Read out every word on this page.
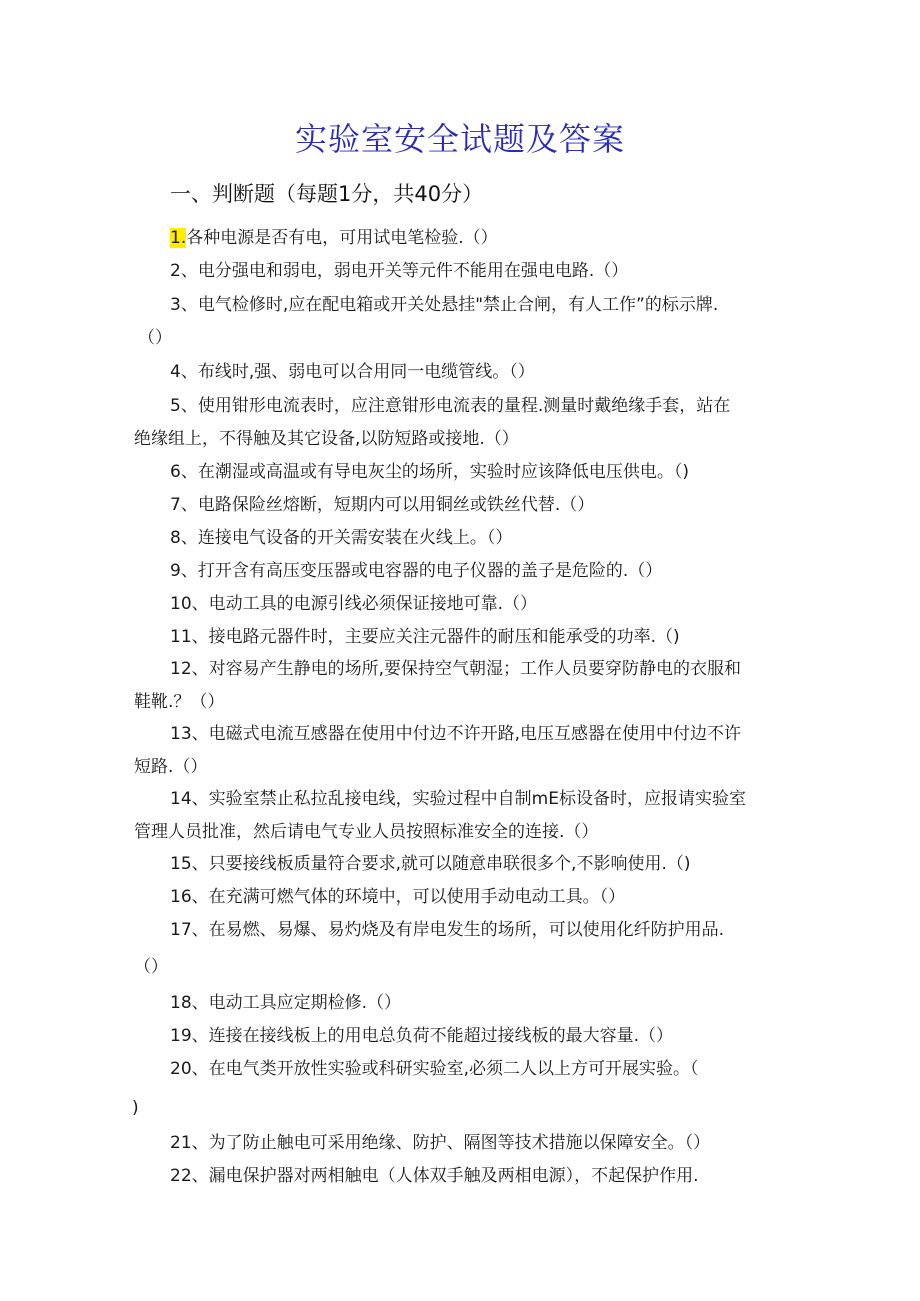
实验室安全试题及答案
一、判断题（每题1分，共40分）
1.各种电源是否有电，可用试电笔检验.（）
2、电分强电和弱电，弱电开关等元件不能用在强电电路.（）
3、电气检修时,应在配电箱或开关处悬挂"禁止合闸，有人工作”的标示牌.
（）
4、布线时,强、弱电可以合用同一电缆管线。（）
5、使用钳形电流表时，应注意钳形电流表的量程.测量时戴绝缘手套，站在
绝缘组上，不得触及其它设备,以防短路或接地.（）
6、在潮湿或高温或有导电灰尘的场所，实验时应该降低电压供电。（)
7、电路保险丝熔断，短期内可以用铜丝或铁丝代替.（）
8、连接电气设备的开关需安装在火线上。（）
9、打开含有高压变压器或电容器的电子仪器的盖子是危险的.（）
10、电动工具的电源引线必须保证接地可靠.（）
11、接电路元器件时，主要应关注元器件的耐压和能承受的功率.（)
12、对容易产生静电的场所,要保持空气朝湿；工作人员要穿防静电的衣服和
鞋靴.？（）
13、电磁式电流互感器在使用中付边不许开路,电压互感器在使用中付边不许
短路.（）
14、实验室禁止私拉乱接电线，实验过程中自制mE标设备时，应报请实验室
管理人员批准，然后请电气专业人员按照标准安全的连接.（）
15、只要接线板质量符合要求,就可以随意串联很多个,不影响使用.（)
16、在充满可燃气体的环境中，可以使用手动电动工具。（）
17、在易燃、易爆、易灼烧及有岸电发生的场所，可以使用化纤防护用品.
（）
18、电动工具应定期检修.（）
19、连接在接线板上的用电总负荷不能超过接线板的最大容量.（）
20、在电气类开放性实验或科研实验室,必须二人以上方可开展实验。（
)
21、为了防止触电可采用绝缘、防护、隔图等技术措施以保障安全。（）
22、漏电保护器对两相触电（人体双手触及两相电源），不起保护作用.
